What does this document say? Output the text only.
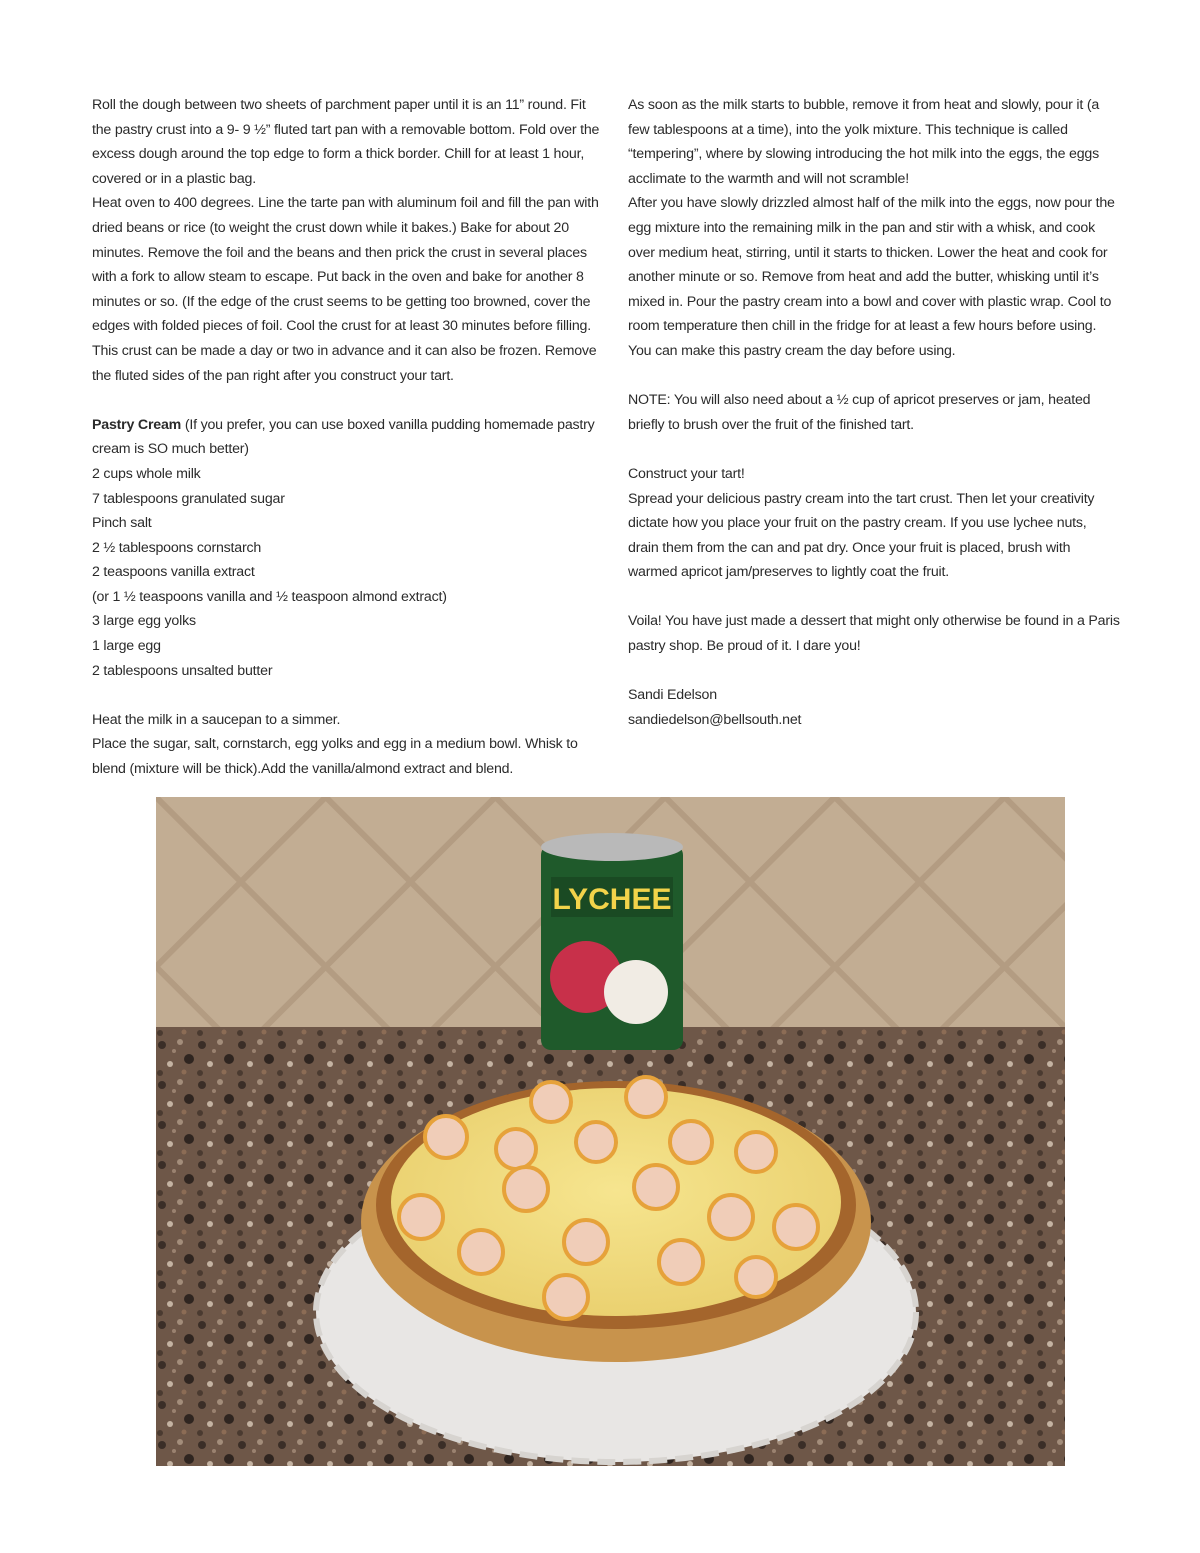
Roll the dough between two sheets of parchment paper until it is an 11” round. Fit the pastry crust into a 9- 9 ½” fluted tart pan with a removable bottom. Fold over the excess dough around the top edge to form a thick border. Chill for at least 1 hour, covered or in a plastic bag.

Heat oven to 400 degrees. Line the tarte pan with aluminum foil and fill the pan with dried beans or rice (to weight the crust down while it bakes.) Bake for about 20 minutes. Remove the foil and the beans and then prick the crust in several places with a fork to allow steam to escape. Put back in the oven and bake for another 8 minutes or so. (If the edge of the crust seems to be getting too browned, cover the edges with folded pieces of foil. Cool the crust for at least 30 minutes before filling. This crust can be made a day or two in advance and it can also be frozen. Remove the fluted sides of the pan right after you construct your tart.

Pastry Cream (If you prefer, you can use boxed vanilla pudding homemade pastry cream is SO much better)

2 cups whole milk

7 tablespoons granulated sugar

Pinch salt

2 ½ tablespoons cornstarch

2 teaspoons vanilla extract

(or 1 ½ teaspoons vanilla and ½ teaspoon almond extract)

3 large egg yolks

1 large egg

2 tablespoons unsalted butter

Heat the milk in a saucepan to a simmer.

Place the sugar, salt, cornstarch, egg yolks and egg in a medium bowl. Whisk to blend (mixture will be thick).Add the vanilla/almond extract and blend.

As soon as the milk starts to bubble, remove it from heat and slowly, pour it (a few tablespoons at a time), into the yolk mixture. This technique is called “tempering”, where by slowing introducing the hot milk into the eggs, the eggs acclimate to the warmth and will not scramble!

After you have slowly drizzled almost half of the milk into the eggs, now pour the egg mixture into the remaining milk in the pan and stir with a whisk, and cook over medium heat, stirring, until it starts to thicken. Lower the heat and cook for another minute or so. Remove from heat and add the butter, whisking until it’s mixed in. Pour the pastry cream into a bowl and cover with plastic wrap. Cool to room temperature then chill in the fridge for at least a few hours before using. You can make this pastry cream the day before using.

NOTE: You will also need about a ½ cup of apricot preserves or jam, heated briefly to brush over the fruit of the finished tart.

Construct your tart!

Spread your delicious pastry cream into the tart crust. Then let your creativity dictate how you place your fruit on the pastry cream. If you use lychee nuts, drain them from the can and pat dry. Once your fruit is placed, brush with warmed apricot jam/preserves to lightly coat the fruit.

Voila! You have just made a dessert that might only otherwise be found in a Paris pastry shop. Be proud of it. I dare you!

Sandi Edelson

sandiedelson@bellsouth.net

LYCHEE
